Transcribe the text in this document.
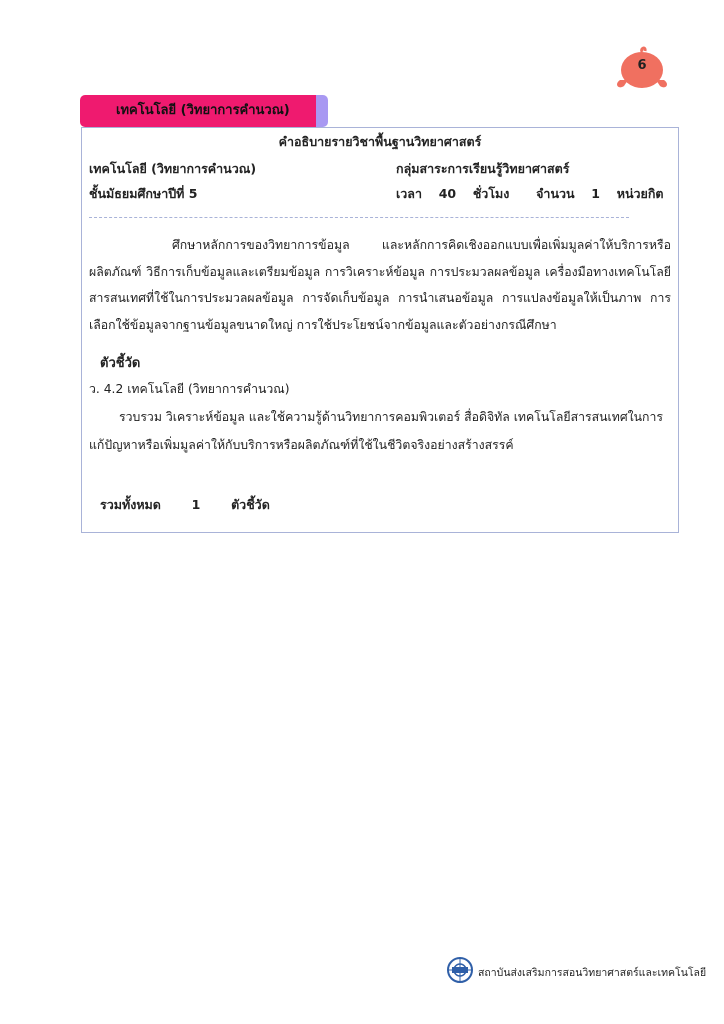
6
เทคโนโลยี (วิทยาการคำนวณ)
คำอธิบายรายวิชาพื้นฐานวิทยาศาสตร์
เทคโนโลยี (วิทยาการคำนวณ)	กลุ่มสาระการเรียนรู้วิทยาศาสตร์
ชั้นมัธยมศึกษาปีที่ 5	เวลา 40 ชั่วโมง จำนวน 1 หน่วยกิต
ศึกษาหลักการของวิทยาการข้อมูล และหลักการคิดเชิงออกแบบเพื่อเพิ่มมูลค่าให้บริการหรือผลิตภัณฑ์ วิธีการเก็บข้อมูลและเตรียมข้อมูล การวิเคราะห์ข้อมูล การประมวลผลข้อมูล เครื่องมือทางเทคโนโลยีสารสนเทศที่ใช้ในการประมวลผลข้อมูล การจัดเก็บข้อมูล การนำเสนอข้อมูล การแปลงข้อมูลให้เป็นภาพ การเลือกใช้ข้อมูลจากฐานข้อมูลขนาดใหญ่ การใช้ประโยชน์จากข้อมูลและตัวอย่างกรณีศึกษา
ตัวชี้วัด
ว. 4.2 เทคโนโลยี (วิทยาการคำนวณ)
รวบรวม วิเคราะห์ข้อมูล และใช้ความรู้ด้านวิทยาการคอมพิวเตอร์ สื่อดิจิทัล เทคโนโลยีสารสนเทศในการแก้ปัญหาหรือเพิ่มมูลค่าให้กับบริการหรือผลิตภัณฑ์ที่ใช้ในชีวิตจริงอย่างสร้างสรรค์
รวมทั้งหมด 1 ตัวชี้วัด
สถาบันส่งเสริมการสอนวิทยาศาสตร์และเทคโนโลยี
